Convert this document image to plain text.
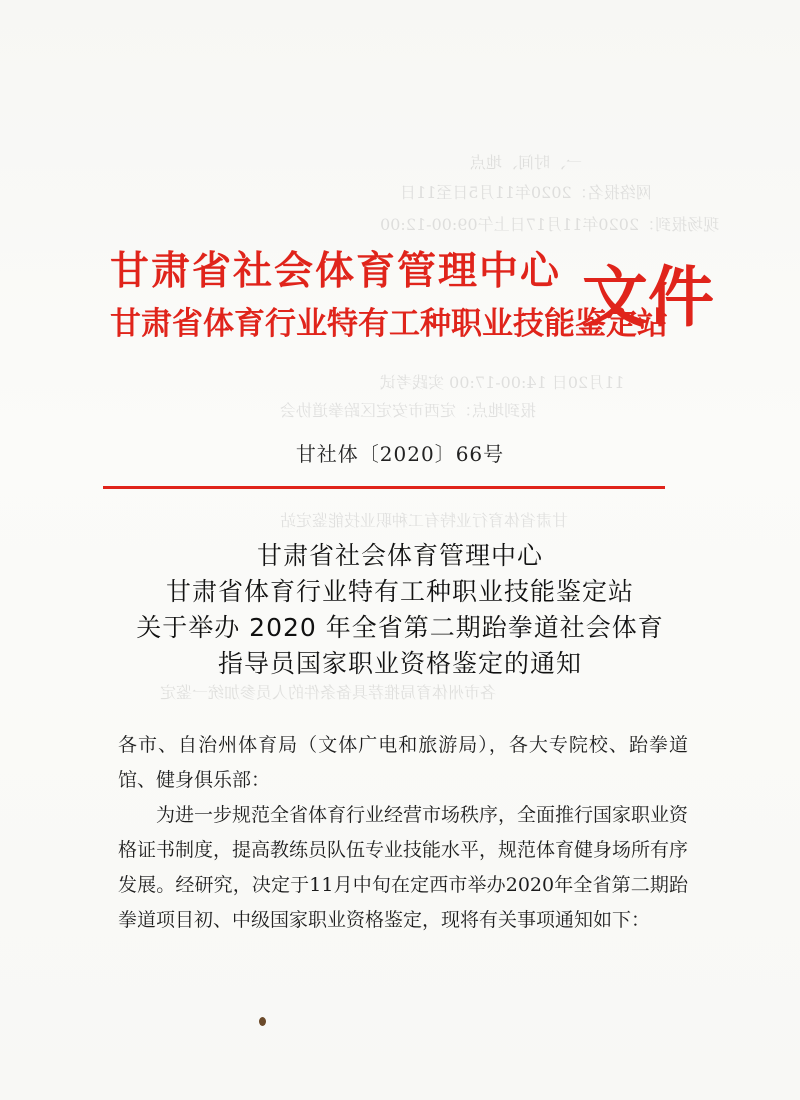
一、时间、地点
网络报名：2020年11月5日至11日
现场报到：2020年11月17日上午09:00-12:00
11月20日 14:00-17:00 实践考试
报到地点：定西市安定区跆拳道协会
甘肃省体育行业特有工种职业技能鉴定站
各市州体育局推荐具备条件的人员参加统一鉴定
甘肃省社会体育管理中心
甘肃省体育行业特有工种职业技能鉴定站
文件
甘社体〔2020〕66号
甘肃省社会体育管理中心
甘肃省体育行业特有工种职业技能鉴定站
关于举办 2020 年全省第二期跆拳道社会体育
指导员国家职业资格鉴定的通知

各市、自治州体育局（文体广电和旅游局），各大专院校、跆拳道馆、健身俱乐部：

为进一步规范全省体育行业经营市场秩序，全面推行国家职业资格证书制度，提高教练员队伍专业技能水平，规范体育健身场所有序发展。经研究，决定于11月中旬在定西市举办2020年全省第二期跆拳道项目初、中级国家职业资格鉴定，现将有关事项通知如下：
